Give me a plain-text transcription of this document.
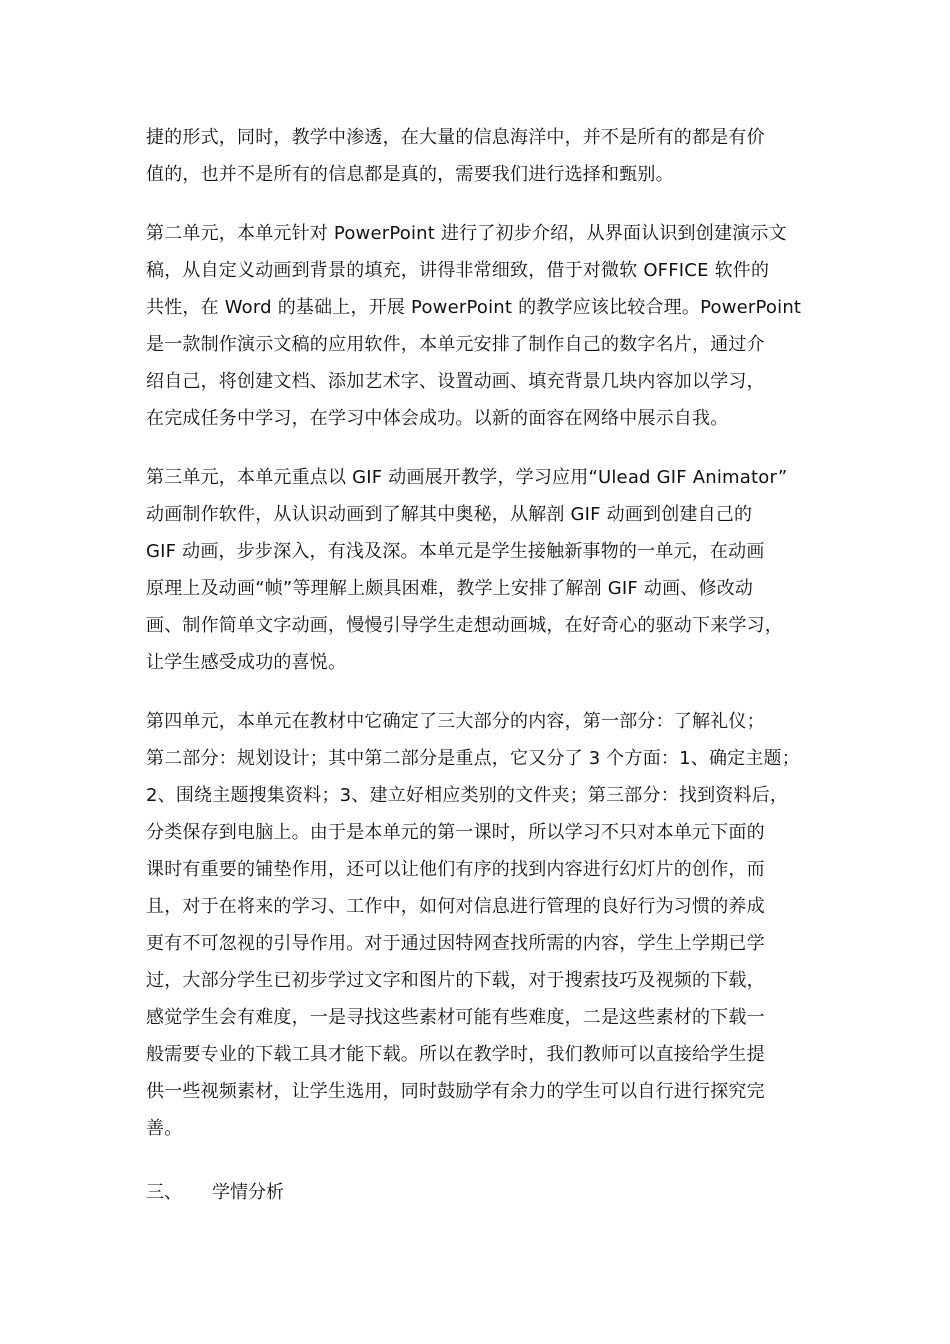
捷的形式，同时，教学中渗透，在大量的信息海洋中，并不是所有的都是有价
值的，也并不是所有的信息都是真的，需要我们进行选择和甄别。
第二单元，本单元针对 PowerPoint 进行了初步介绍，从界面认识到创建演示文
稿，从自定义动画到背景的填充，讲得非常细致，借于对微软 OFFICE 软件的
共性，在 Word 的基础上，开展 PowerPoint 的教学应该比较合理。PowerPoint
是一款制作演示文稿的应用软件，本单元安排了制作自己的数字名片，通过介
绍自己，将创建文档、添加艺术字、设置动画、填充背景几块内容加以学习，
在完成任务中学习，在学习中体会成功。以新的面容在网络中展示自我。
第三单元，本单元重点以 GIF 动画展开教学，学习应用“Ulead GIF Animator”
动画制作软件，从认识动画到了解其中奥秘，从解剖 GIF 动画到创建自己的
GIF 动画，步步深入，有浅及深。本单元是学生接触新事物的一单元，在动画
原理上及动画“帧”等理解上颇具困难，教学上安排了解剖 GIF 动画、修改动
画、制作简单文字动画，慢慢引导学生走想动画城，在好奇心的驱动下来学习，
让学生感受成功的喜悦。
第四单元，本单元在教材中它确定了三大部分的内容，第一部分：了解礼仪；
第二部分：规划设计；其中第二部分是重点，它又分了 3 个方面：1、确定主题；
2、围绕主题搜集资料；3、建立好相应类别的文件夹；第三部分：找到资料后，
分类保存到电脑上。由于是本单元的第一课时，所以学习不只对本单元下面的
课时有重要的铺垫作用，还可以让他们有序的找到内容进行幻灯片的创作，而
且，对于在将来的学习、工作中，如何对信息进行管理的良好行为习惯的养成
更有不可忽视的引导作用。对于通过因特网查找所需的内容，学生上学期已学
过，大部分学生已初步学过文字和图片的下载，对于搜索技巧及视频的下载，
感觉学生会有难度，一是寻找这些素材可能有些难度，二是这些素材的下载一
般需要专业的下载工具才能下载。所以在教学时，我们教师可以直接给学生提
供一些视频素材，让学生选用，同时鼓励学有余力的学生可以自行进行探究完
善。
三、 学情分析
